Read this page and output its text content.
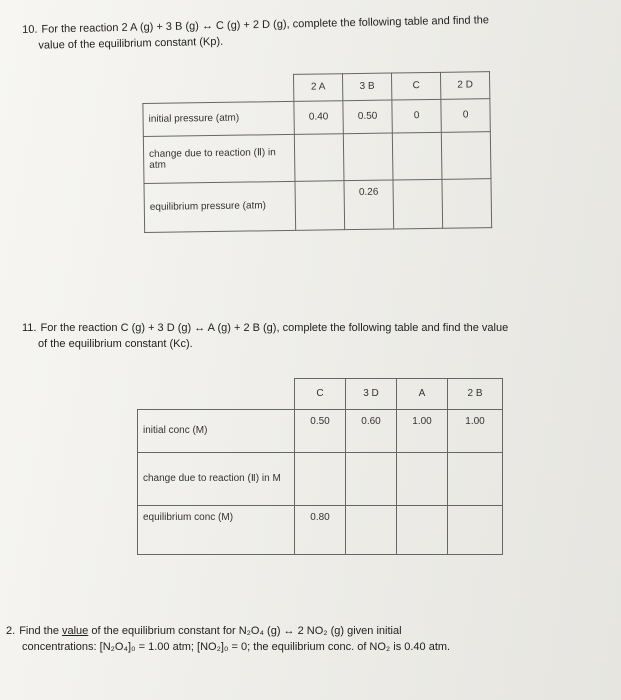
10. For the reaction 2 A (g) + 3 B (g) ↔ C (g) + 2 D (g), complete the following table and find the
value of the equilibrium constant (Kp).
	2 A	3 B	C	2 D
initial pressure (atm)	0.40	0.50	0	0
change due to reaction (Ⅱ) in atm				
equilibrium pressure (atm)		0.26		
11. For the reaction C (g) + 3 D (g) ↔ A (g) + 2 B (g), complete the following table and find the value
of the equilibrium constant (Kc).
	C	3 D	A	2 B
initial conc (M)	0.50	0.60	1.00	1.00
change due to reaction (Ⅱ) in M				
equilibrium conc (M)	0.80			
2. Find the value of the equilibrium constant for N₂O₄ (g) ↔ 2 NO₂ (g) given initial
concentrations: [N₂O₄]₀ = 1.00 atm; [NO₂]₀ = 0; the equilibrium conc. of NO₂ is 0.40 atm.
